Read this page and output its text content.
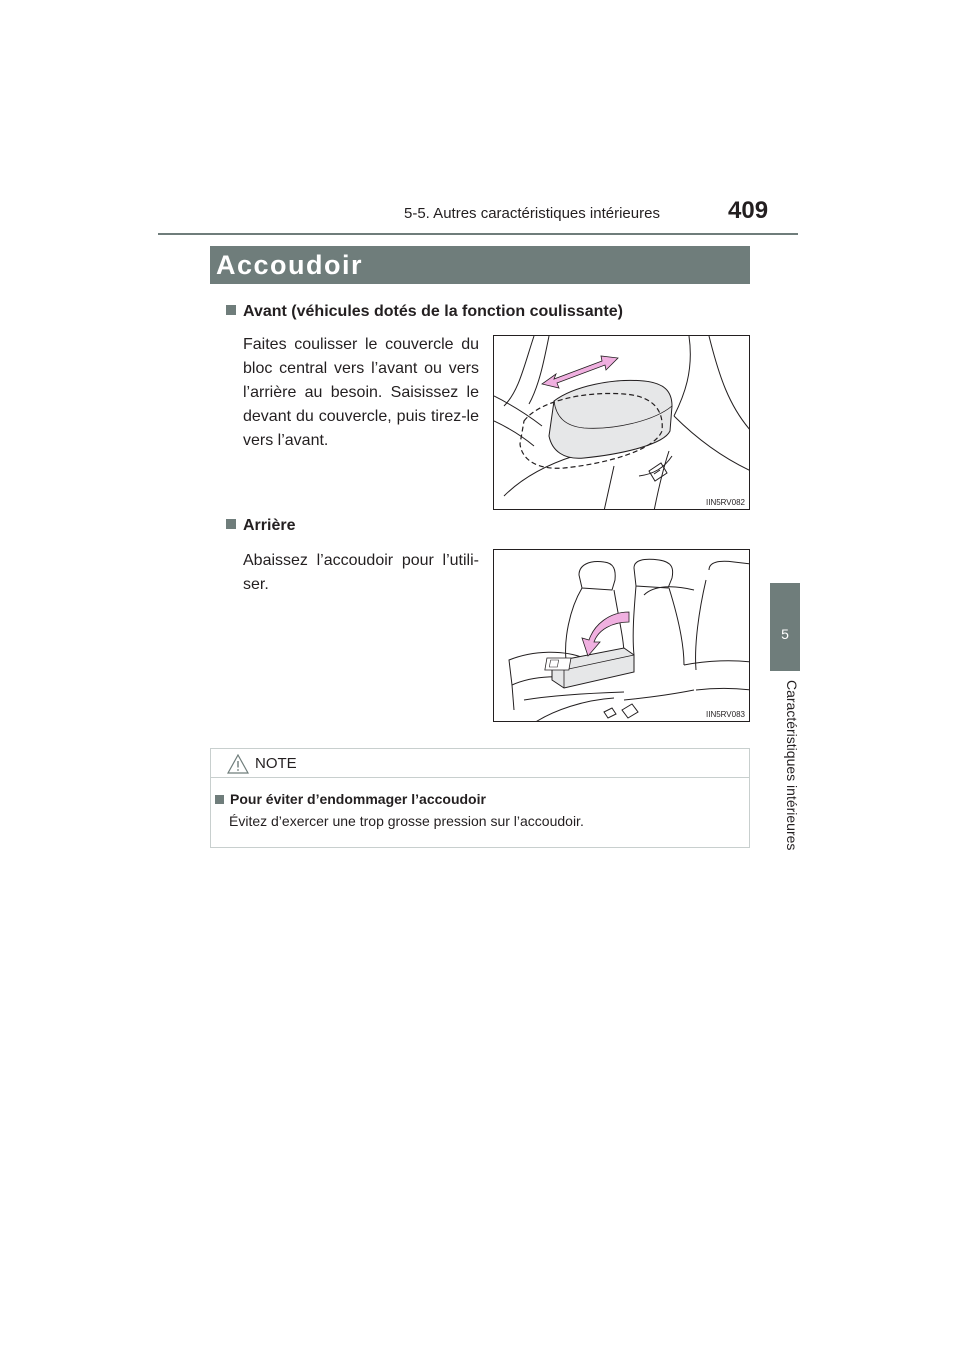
5-5. Autres caractéristiques intérieures	409
5
Caractéristiques intérieures
Accoudoir
Avant (véhicules dotés de la fonction coulissante)
Faites coulisser le couvercle du bloc central vers l’avant ou vers l’arrière au besoin. Saisissez le devant du couvercle, puis tirez-le vers l’avant.
IIN5RV082
Arrière
Abaissez l’accoudoir pour l’utili-ser.
IIN5RV083
NOTE
Pour éviter d’endommager l’accoudoir
Évitez d’exercer une trop grosse pression sur l’accoudoir.
